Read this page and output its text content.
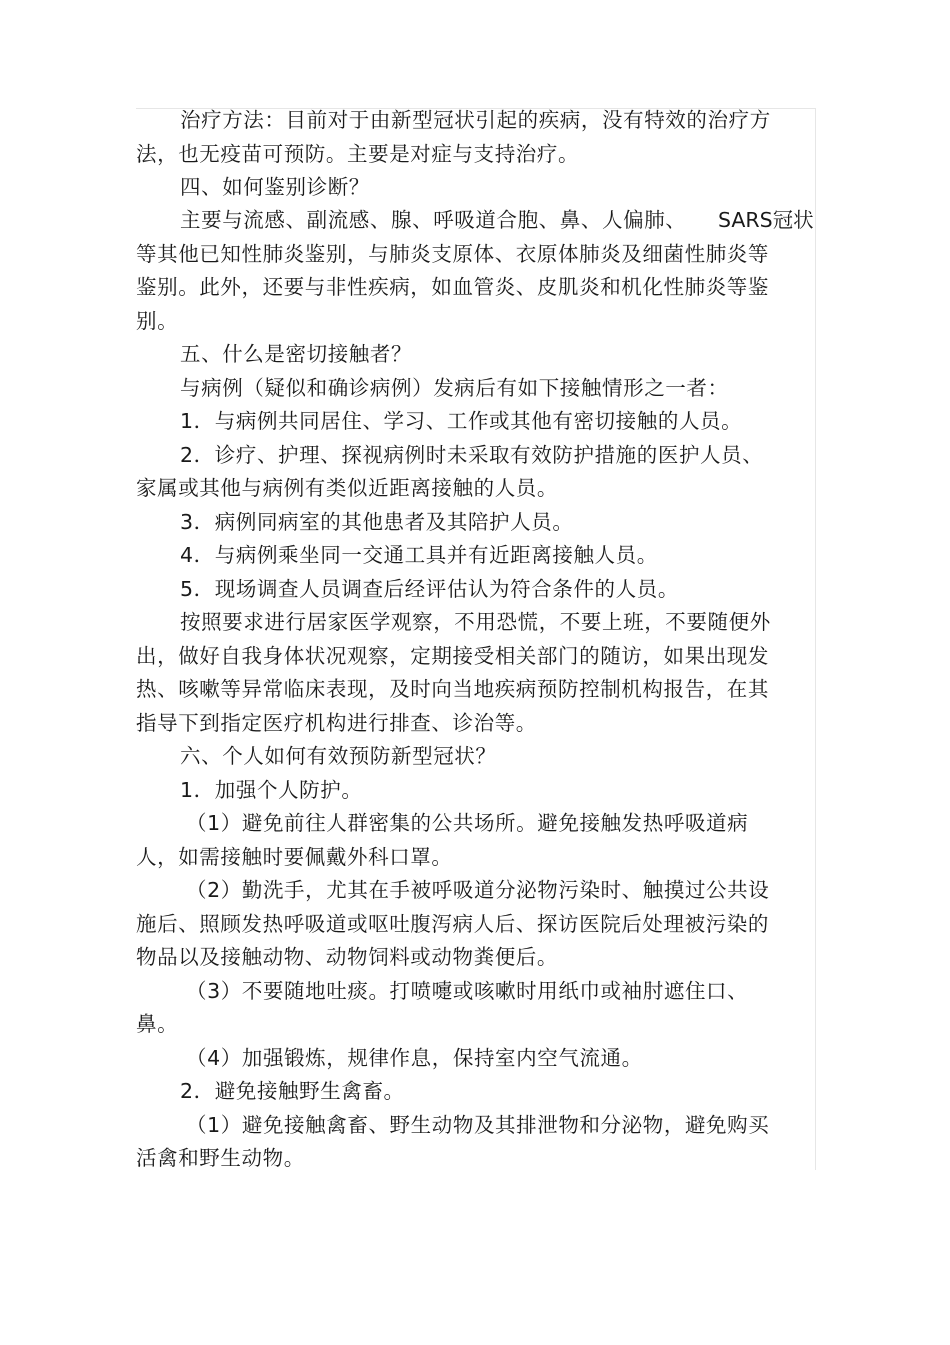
治疗方法：目前对于由新型冠状引起的疾病，没有特效的治疗方
法，也无疫苗可预防。主要是对症与支持治疗。
四、如何鉴别诊断？
主要与流感、副流感、腺、呼吸道合胞、鼻、人偏肺、 SARS冠状
等其他已知性肺炎鉴别，与肺炎支原体、衣原体肺炎及细菌性肺炎等
鉴别。此外，还要与非性疾病，如血管炎、皮肌炎和机化性肺炎等鉴
别。
五、什么是密切接触者？
与病例（疑似和确诊病例）发病后有如下接触情形之一者：
1．与病例共同居住、学习、工作或其他有密切接触的人员。
2．诊疗、护理、探视病例时未采取有效防护措施的医护人员、
家属或其他与病例有类似近距离接触的人员。
3．病例同病室的其他患者及其陪护人员。
4．与病例乘坐同一交通工具并有近距离接触人员。
5．现场调查人员调查后经评估认为符合条件的人员。
按照要求进行居家医学观察，不用恐慌，不要上班，不要随便外
出，做好自我身体状况观察，定期接受相关部门的随访，如果出现发
热、咳嗽等异常临床表现，及时向当地疾病预防控制机构报告，在其
指导下到指定医疗机构进行排查、诊治等。
六、个人如何有效预防新型冠状？
1．加强个人防护。
（1）避免前往人群密集的公共场所。避免接触发热呼吸道病
人，如需接触时要佩戴外科口罩。
（2）勤洗手，尤其在手被呼吸道分泌物污染时、触摸过公共设
施后、照顾发热呼吸道或呕吐腹泻病人后、探访医院后处理被污染的
物品以及接触动物、动物饲料或动物粪便后。
（3）不要随地吐痰。打喷嚏或咳嗽时用纸巾或袖肘遮住口、
鼻。
（4）加强锻炼，规律作息，保持室内空气流通。
2．避免接触野生禽畜。
（1）避免接触禽畜、野生动物及其排泄物和分泌物，避免购买
活禽和野生动物。
